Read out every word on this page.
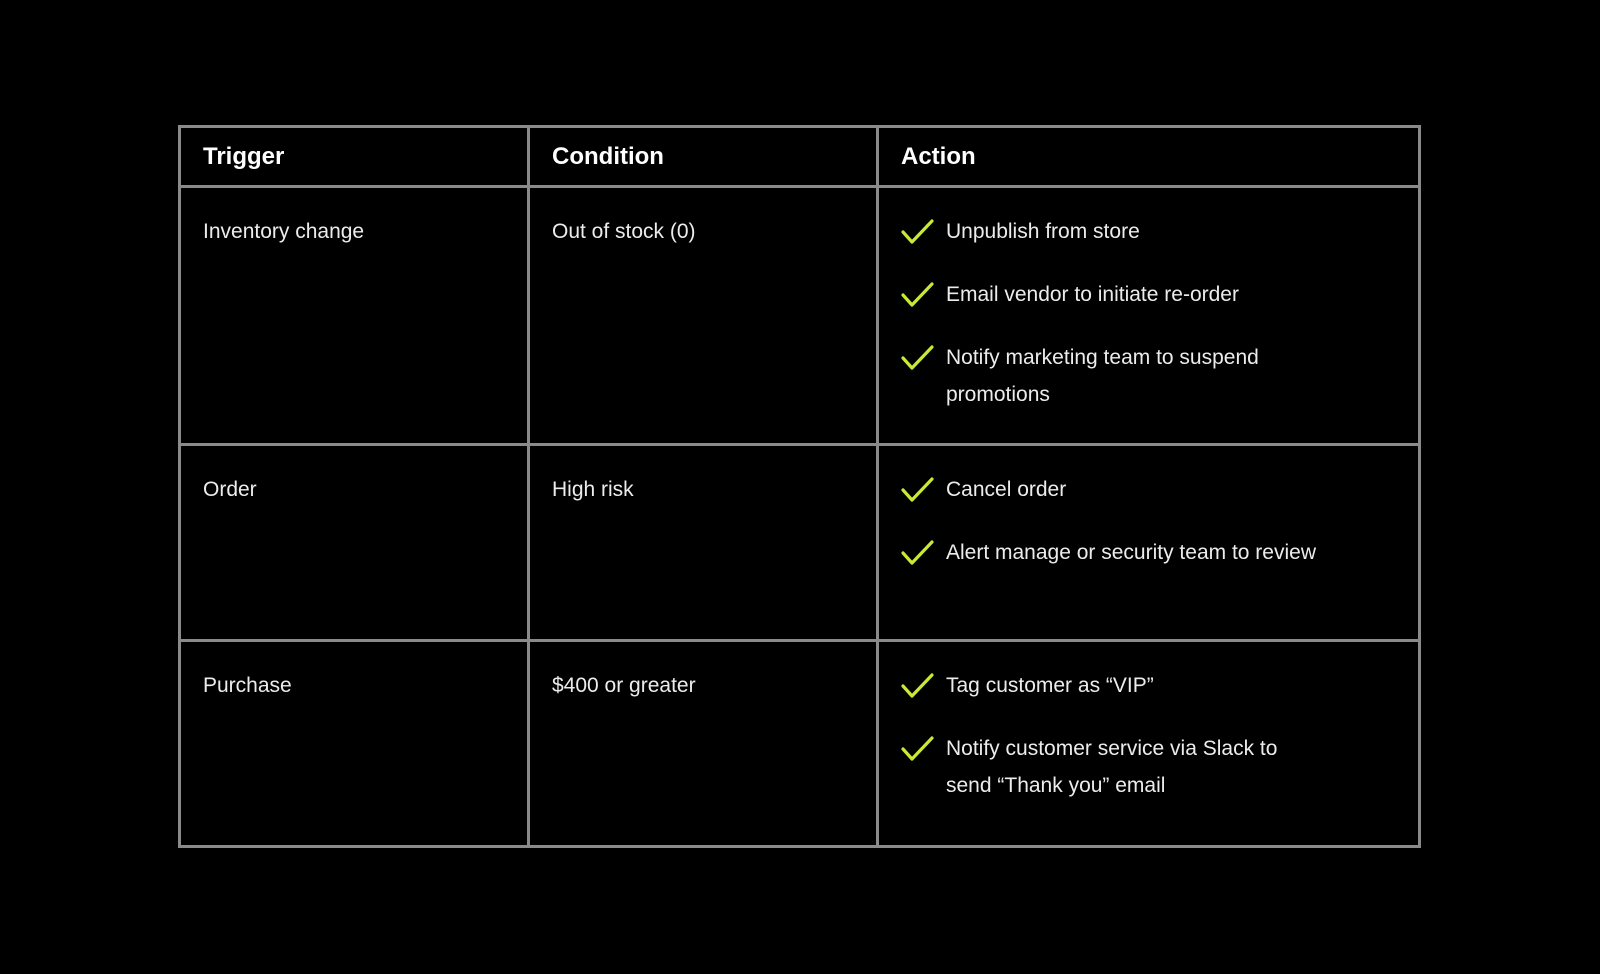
Trigger	Condition	Action
Inventory change	Out of stock (0)	Unpublish from store
Email vendor to initiate re-order
Notify marketing team to suspend promotions
Order	High risk	Cancel order
Alert manage or security team to review
Purchase	$400 or greater	Tag customer as “VIP”
Notify customer service via Slack to send “Thank you” email
